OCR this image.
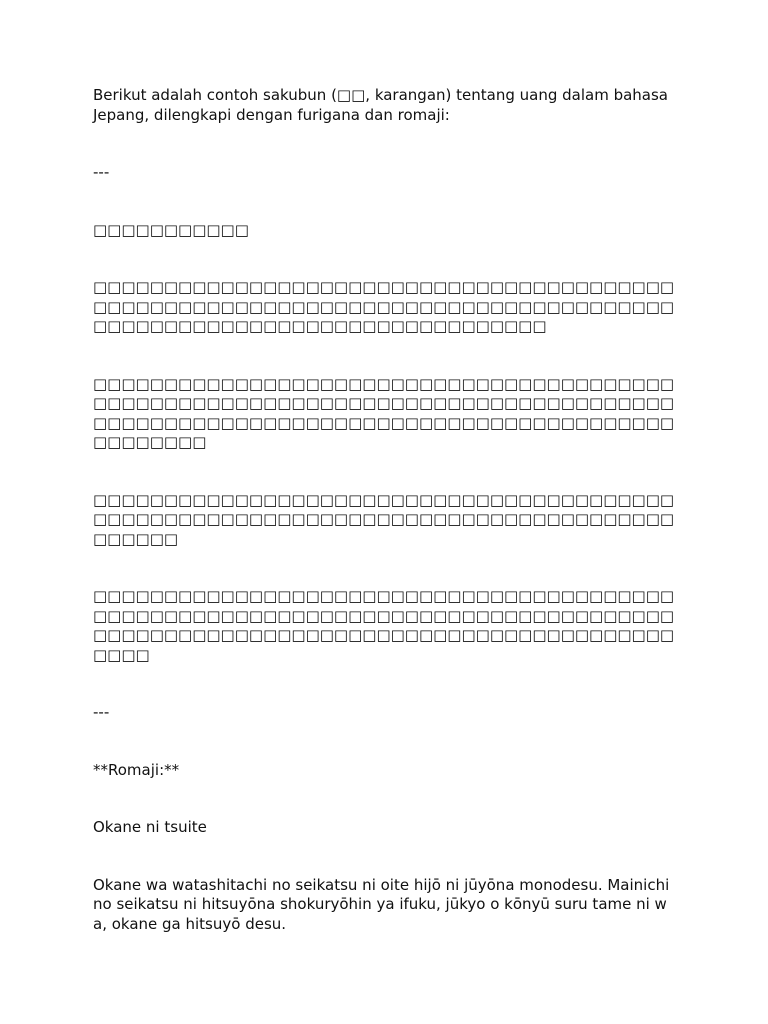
Berikut adalah contoh sakubun (□□, karangan) tentang uang dalam bahasa Jepang, dilengkapi dengan furigana dan romaji:

---

□□□□□□□□□□□

□□□□□□□□□□□□□□□□□□□□□□□□□□□□□□□□□□□□□□□□□□□□□□□□□□□□□□□□□□□□□□□□□□□□□□□□□□□□□□□□□□□□□□□□□□□□□□□□□□□□□□□□□□□□□□□□□□

□□□□□□□□□□□□□□□□□□□□□□□□□□□□□□□□□□□□□□□□□□□□□□□□□□□□□□□□□□□□□□□□□□□□□□□□□□□□□□□□□□□□□□□□□□□□□□□□□□□□□□□□□□□□□□□□□□□□□□□□□□□□□□□□□□□

□□□□□□□□□□□□□□□□□□□□□□□□□□□□□□□□□□□□□□□□□□□□□□□□□□□□□□□□□□□□□□□□□□□□□□□□□□□□□□□□□□□□□□□□

□□□□□□□□□□□□□□□□□□□□□□□□□□□□□□□□□□□□□□□□□□□□□□□□□□□□□□□□□□□□□□□□□□□□□□□□□□□□□□□□□□□□□□□□□□□□□□□□□□□□□□□□□□□□□□□□□□□□□□□□□□□□□□□

---

**Romaji:**

Okane ni tsuite

Okane wa watashitachi no seikatsu ni oite hijō ni jūyōna monodesu. Mainichi no seikatsu ni hitsuyōna shokuryōhin ya ifuku, jūkyo o kōnyū suru tame ni wa, okane ga hitsuyō desu.
